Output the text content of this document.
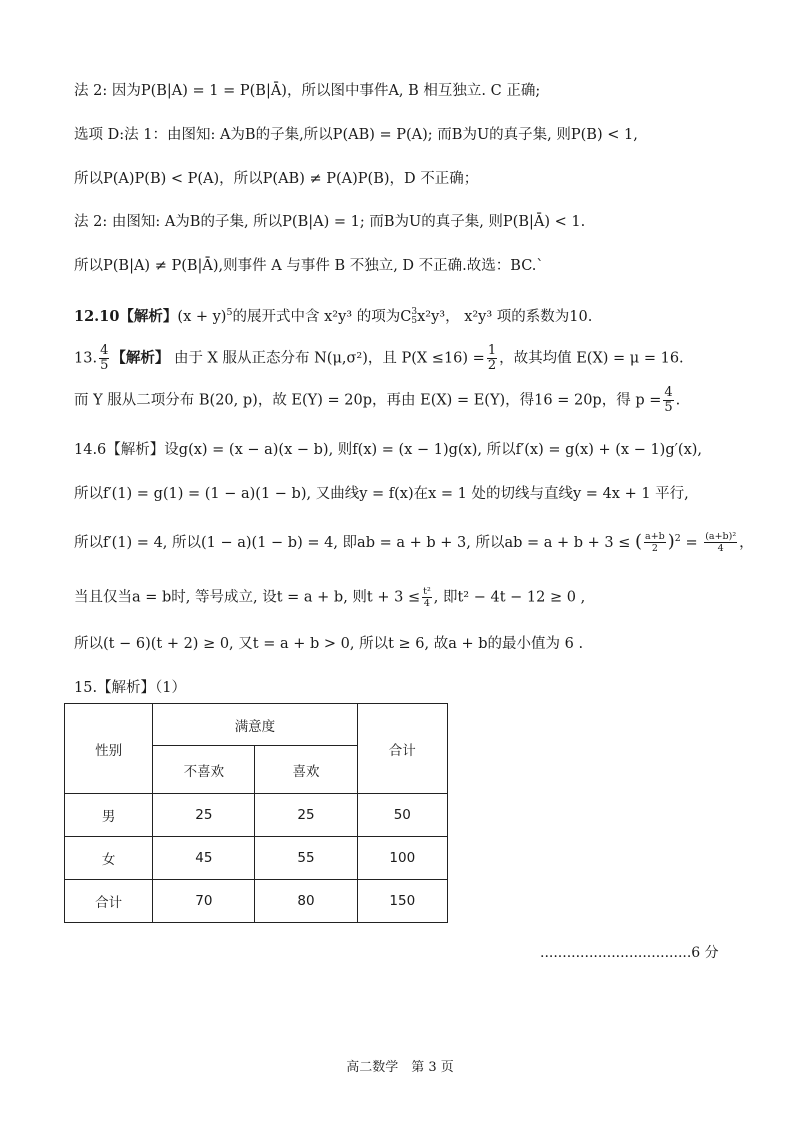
法 2: 因为P(B|A) = 1 = P(B|Ā)，所以图中事件A, B 相互独立. C 正确;
选项 D:法 1：由图知: A为B的子集,所以P(AB) = P(A); 而B为U的真子集, 则P(B) < 1,
所以P(A)P(B) < P(A)，所以P(AB) ≠ P(A)P(B)，D 不正确；
法 2: 由图知: A为B的子集, 所以P(B|A) = 1; 而B为U的真子集, 则P(B|Ā) < 1.
所以P(B|A) ≠ P(B|Ā),则事件 A 与事件 B 不独立, D 不正确.故选：BC.`
12.10【解析】$(x + y)^5$的展开式中含 x²y³ 的项为C 3
5 x²y³， x²y³ 项的系数为10.
13. $\frac{4}{5}$ 【解析】 由于 X 服从正态分布 N(μ,σ²)，且 $P(X \le 16) = \frac{1}{2}$ ，故其均值 E(X) = μ = 16.
而 Y 服从二项分布 B(20, p)，故 E(Y) = 20p，再由 E(X) = E(Y)，得16 = 20p，得 $p = \frac{4}{5}$ .
14.6【解析】设g(x) = (x − a)(x − b), 则f(x) = (x − 1)g(x), 所以f′(x) = g(x) + (x − 1)g′(x),
所以f′(1) = g(1) = (1 − a)(1 − b), 又曲线y = f(x)在x = 1 处的切线与直线y = 4x + 1 平行,
所以f′(1) = 4, 所以(1 − a)(1 − b) = 4, 即ab = a + b + 3, 所以ab = a + b + 3 ≤ ( $\frac{a+b}{2} )^2 = \frac{\text{(a+b)²}}{4}$ ，
当且仅当a = b时, 等号成立, 设t = a + b, 则$t + 3 \le \frac{\text{t²}}{4}$ , 即t² − 4t − 12 ≥ 0 ,
所以(t − 6)(t + 2) ≥ 0, 又t = a + b > 0, 所以t ≥ 6, 故a + b的最小值为 6 .
15.【解析】（1）
性别	满意度		合计
	不喜欢	喜欢	
男	25	25	50
女	45	55	100
合计	70	80	150
..................................6 分
高二数学　第 3 页
